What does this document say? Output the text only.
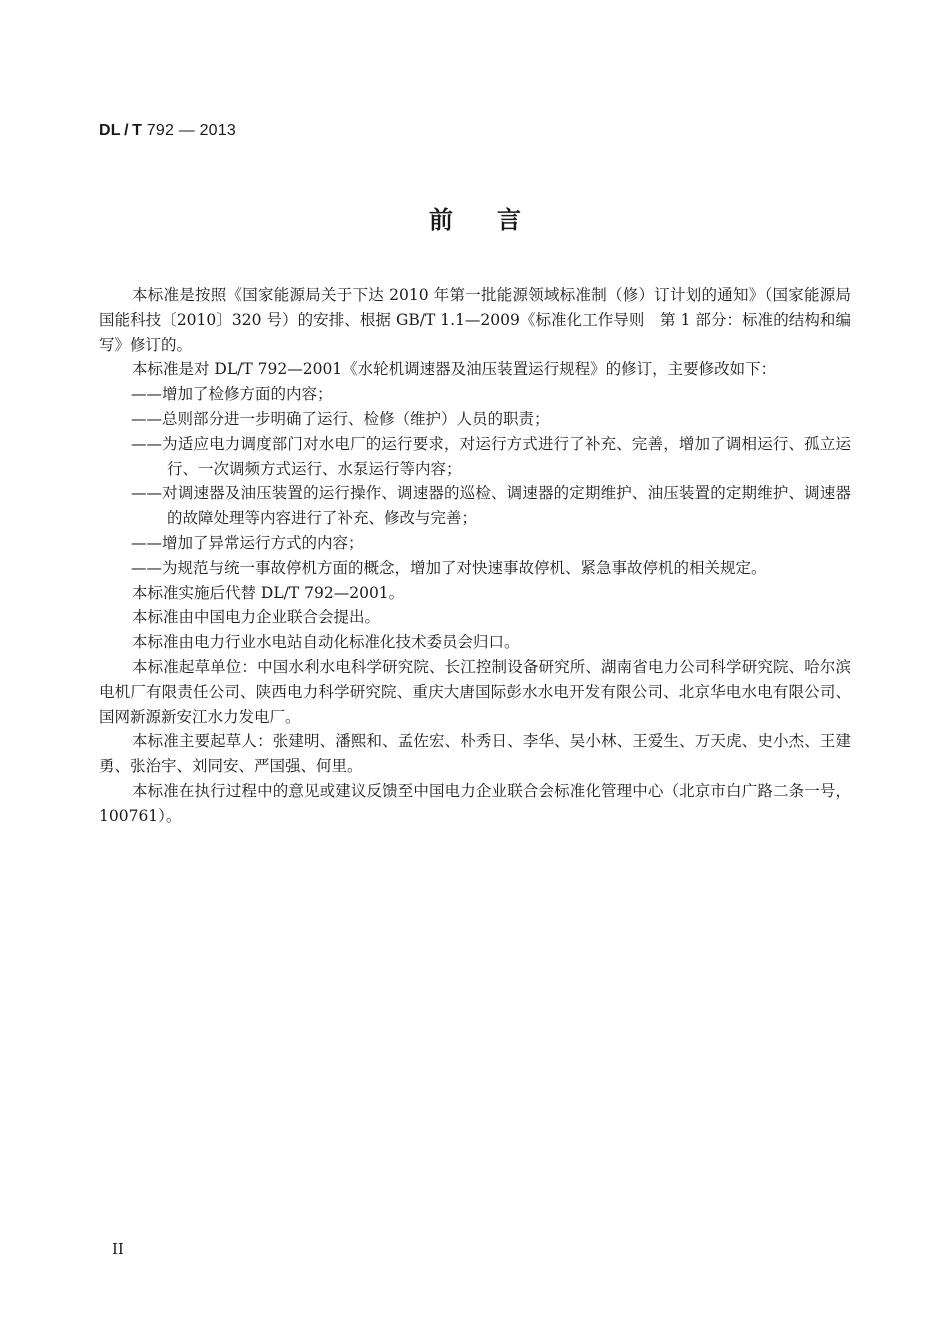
DL / T 792 — 2013
前言

本标准是按照《国家能源局关于下达 2010 年第一批能源领域标准制（修）订计划的通知》（国家能源局国能科技〔2010〕320 号）的安排、根据 GB/T 1.1—2009《标准化工作导则　第 1 部分：标准的结构和编写》修订的。

本标准是对 DL/T 792—2001《水轮机调速器及油压装置运行规程》的修订，主要修改如下：

——增加了检修方面的内容；

——总则部分进一步明确了运行、检修（维护）人员的职责；

——为适应电力调度部门对水电厂的运行要求，对运行方式进行了补充、完善，增加了调相运行、孤立运行、一次调频方式运行、水泵运行等内容；

——对调速器及油压装置的运行操作、调速器的巡检、调速器的定期维护、油压装置的定期维护、调速器的故障处理等内容进行了补充、修改与完善；

——增加了异常运行方式的内容；

——为规范与统一事故停机方面的概念，增加了对快速事故停机、紧急事故停机的相关规定。

本标准实施后代替 DL/T 792—2001。

本标准由中国电力企业联合会提出。

本标准由电力行业水电站自动化标准化技术委员会归口。

本标准起草单位：中国水利水电科学研究院、长江控制设备研究所、湖南省电力公司科学研究院、哈尔滨电机厂有限责任公司、陕西电力科学研究院、重庆大唐国际彭水水电开发有限公司、北京华电水电有限公司、国网新源新安江水力发电厂。

本标准主要起草人：张建明、潘熙和、孟佐宏、朴秀日、李华、吴小林、王爱生、万天虎、史小杰、王建勇、张治宇、刘同安、严国强、何里。

本标准在执行过程中的意见或建议反馈至中国电力企业联合会标准化管理中心（北京市白广路二条一号，100761）。

II
